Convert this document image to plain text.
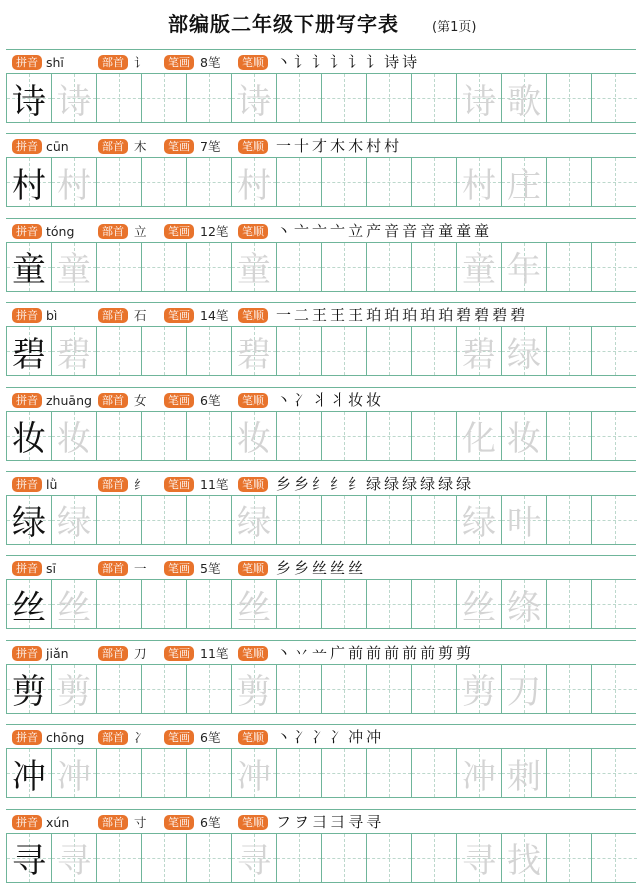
部编版二年级下册写字表	(第1页)
拼音 shī	部首 讠	笔画 8笔	笔顺 丶 讠 讠 讠 讠 讠 诗 诗
诗 诗	诗	诗 歌
拼音 cūn	部首 木	笔画 7笔	笔顺 一 十 才 木 木 村 村
村 村	村	村 庄
拼音 tóng	部首 立	笔画 12笔	笔顺 丶 亠 亠 亠 立 产 音 音 音 童 童 童
童 童	童	童 年
拼音 bì	部首 石	笔画 14笔	笔顺 一 二 王 王 王 珀 珀 珀 珀 珀 碧 碧 碧 碧
碧 碧	碧	碧 绿
拼音 zhuāng 部首 女	笔画 6笔	笔顺 丶 冫 丬 丬 妆 妆
妆 妆	妆	化 妆
拼音 lǜ	部首 纟	笔画 11笔	笔顺 乡 乡 纟 纟 纟 绿 绿 绿 绿 绿 绿
绿 绿	绿	绿 叶
拼音 sī	部首 一	笔画 5笔	笔顺 乡 乡 丝 丝 丝
丝 丝	丝	丝 绦
拼音 jiǎn	部首 刀	笔画 11笔	笔顺 丶 丷 䒑 广 前 前 前 前 前 剪 剪
剪 剪	剪	剪 刀
拼音 chōng	部首 冫	笔画 6笔	笔顺 丶 冫 冫 冫 冲 冲
冲 冲	冲	冲 刺
拼音 xún	部首 寸	笔画 6笔	笔顺 フ ヲ 彐 彐 寻 寻
寻 寻	寻	寻 找
